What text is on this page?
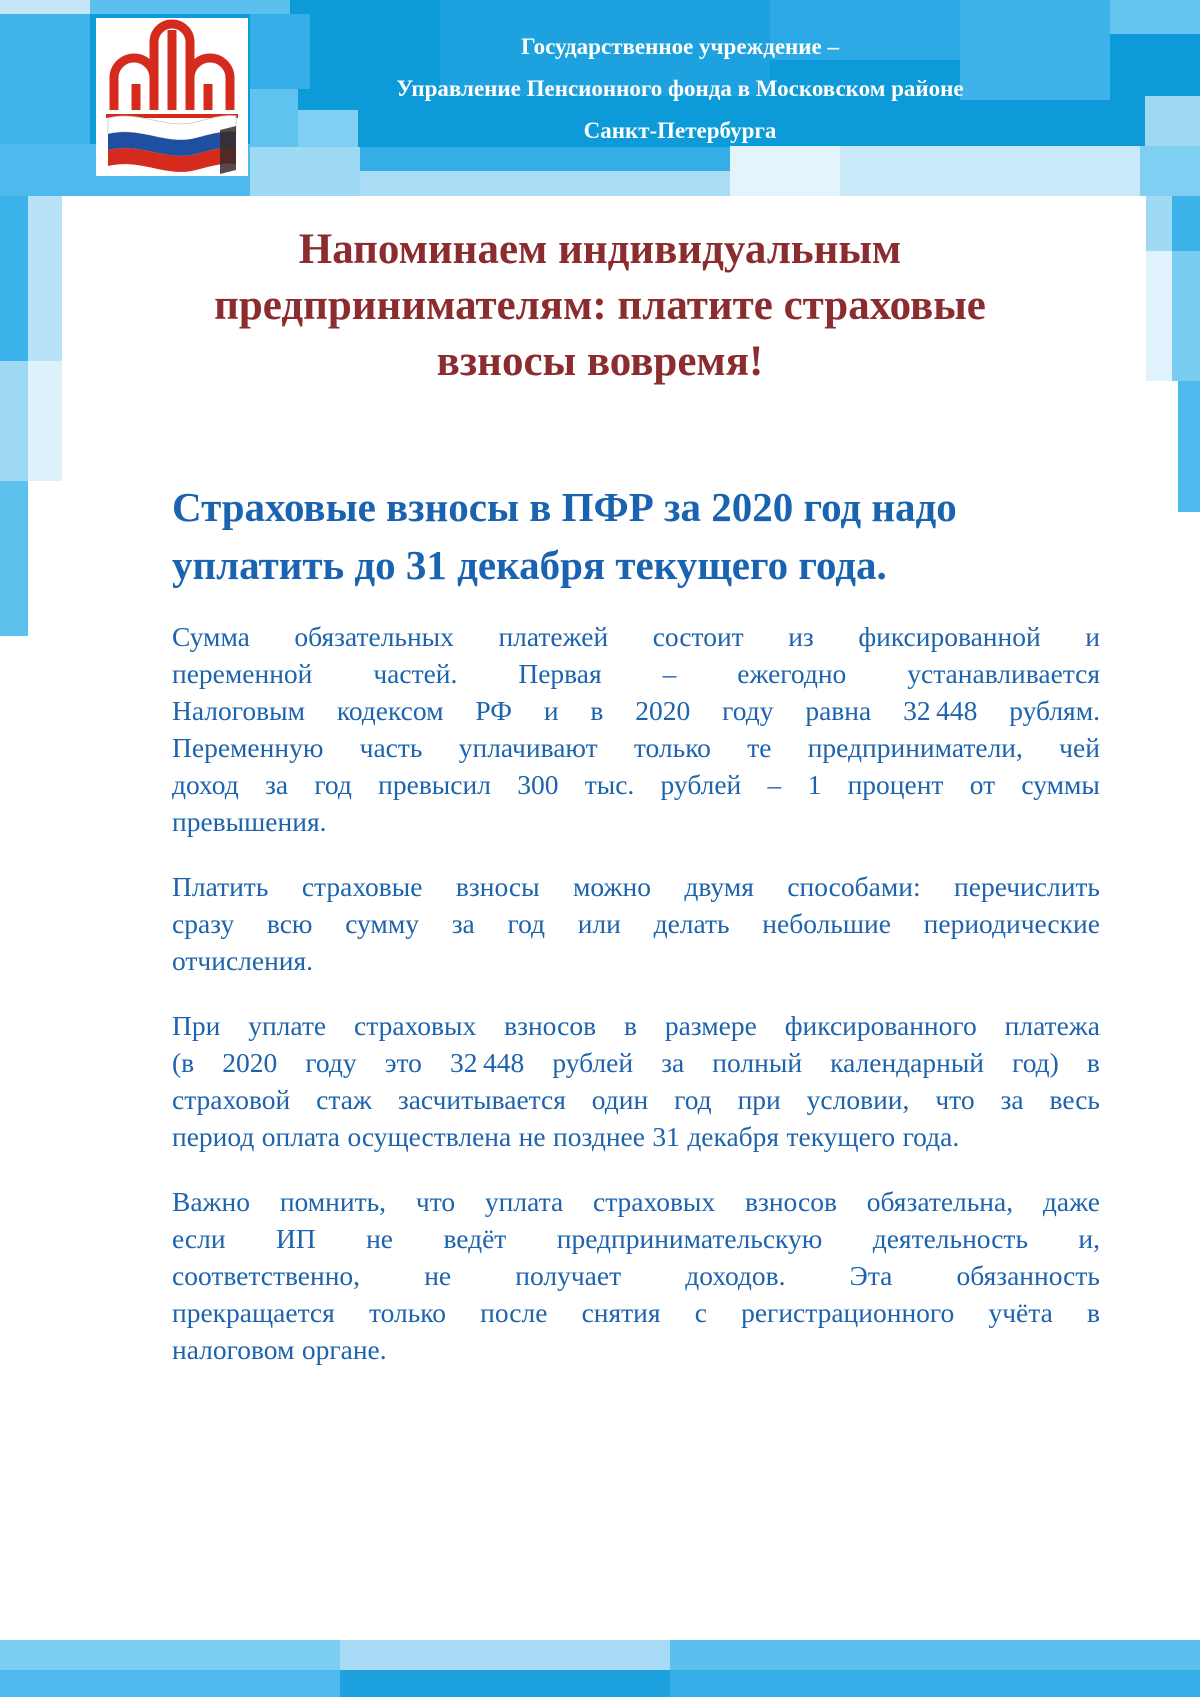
Государственное учреждение –
Управление Пенсионного фонда в Московском районе
Санкт-Петербурга
Напоминаем индивидуальным
предпринимателям: платите страховые
взносы вовремя!
Страховые взносы в ПФР за 2020 год надо
уплатить до 31 декабря текущего года.
Сумма обязательных платежей состоит из фиксированной и
переменной частей. Первая – ежегодно устанавливается
Налоговым кодексом РФ и в 2020 году равна 32 448 рублям.
Переменную часть уплачивают только те предприниматели, чей
доход за год превысил 300 тыс. рублей – 1 процент от суммы
превышения.
Платить страховые взносы можно двумя способами: перечислить
сразу всю сумму за год или делать небольшие периодические
отчисления.
При уплате страховых взносов в размере фиксированного платежа
(в 2020 году это 32 448 рублей за полный календарный год) в
страховой стаж засчитывается один год при условии, что за весь
период оплата осуществлена не позднее 31 декабря текущего года.
Важно помнить, что уплата страховых взносов обязательна, даже
если ИП не ведёт предпринимательскую деятельность и,
соответственно, не получает доходов. Эта обязанность
прекращается только после снятия с регистрационного учёта в
налоговом органе.
